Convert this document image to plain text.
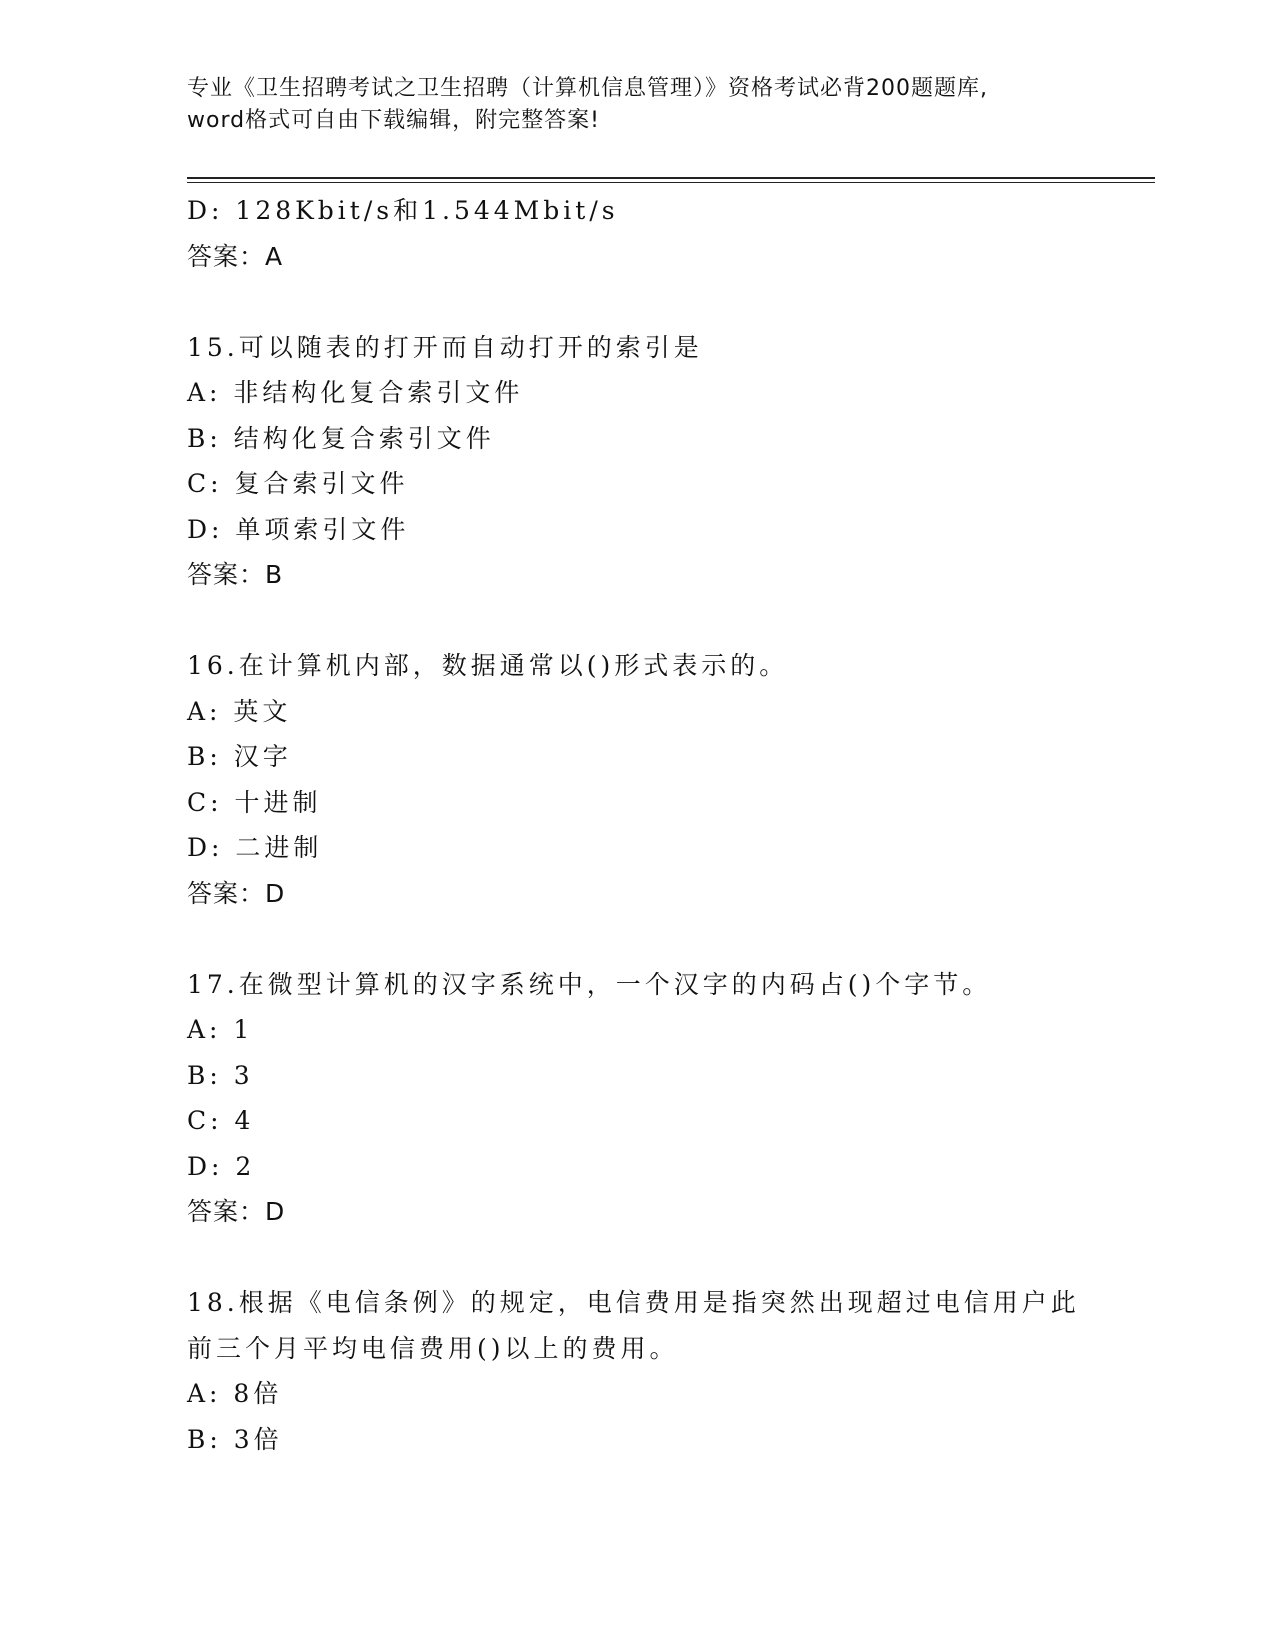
专业《卫生招聘考试之卫生招聘（计算机信息管理）》资格考试必背200题题库,
word格式可自由下载编辑，附完整答案!
D: 128Kbit/s和1.544Mbit/s
答案：A
15.可以随表的打开而自动打开的索引是
A: 非结构化复合索引文件
B: 结构化复合索引文件
C: 复合索引文件
D: 单项索引文件
答案：B
16.在计算机内部，数据通常以()形式表示的。
A: 英文
B: 汉字
C: 十进制
D: 二进制
答案：D
17.在微型计算机的汉字系统中，一个汉字的内码占()个字节。
A: 1
B: 3
C: 4
D: 2
答案：D
18.根据《电信条例》的规定，电信费用是指突然出现超过电信用户此
前三个月平均电信费用()以上的费用。
A: 8倍
B: 3倍
